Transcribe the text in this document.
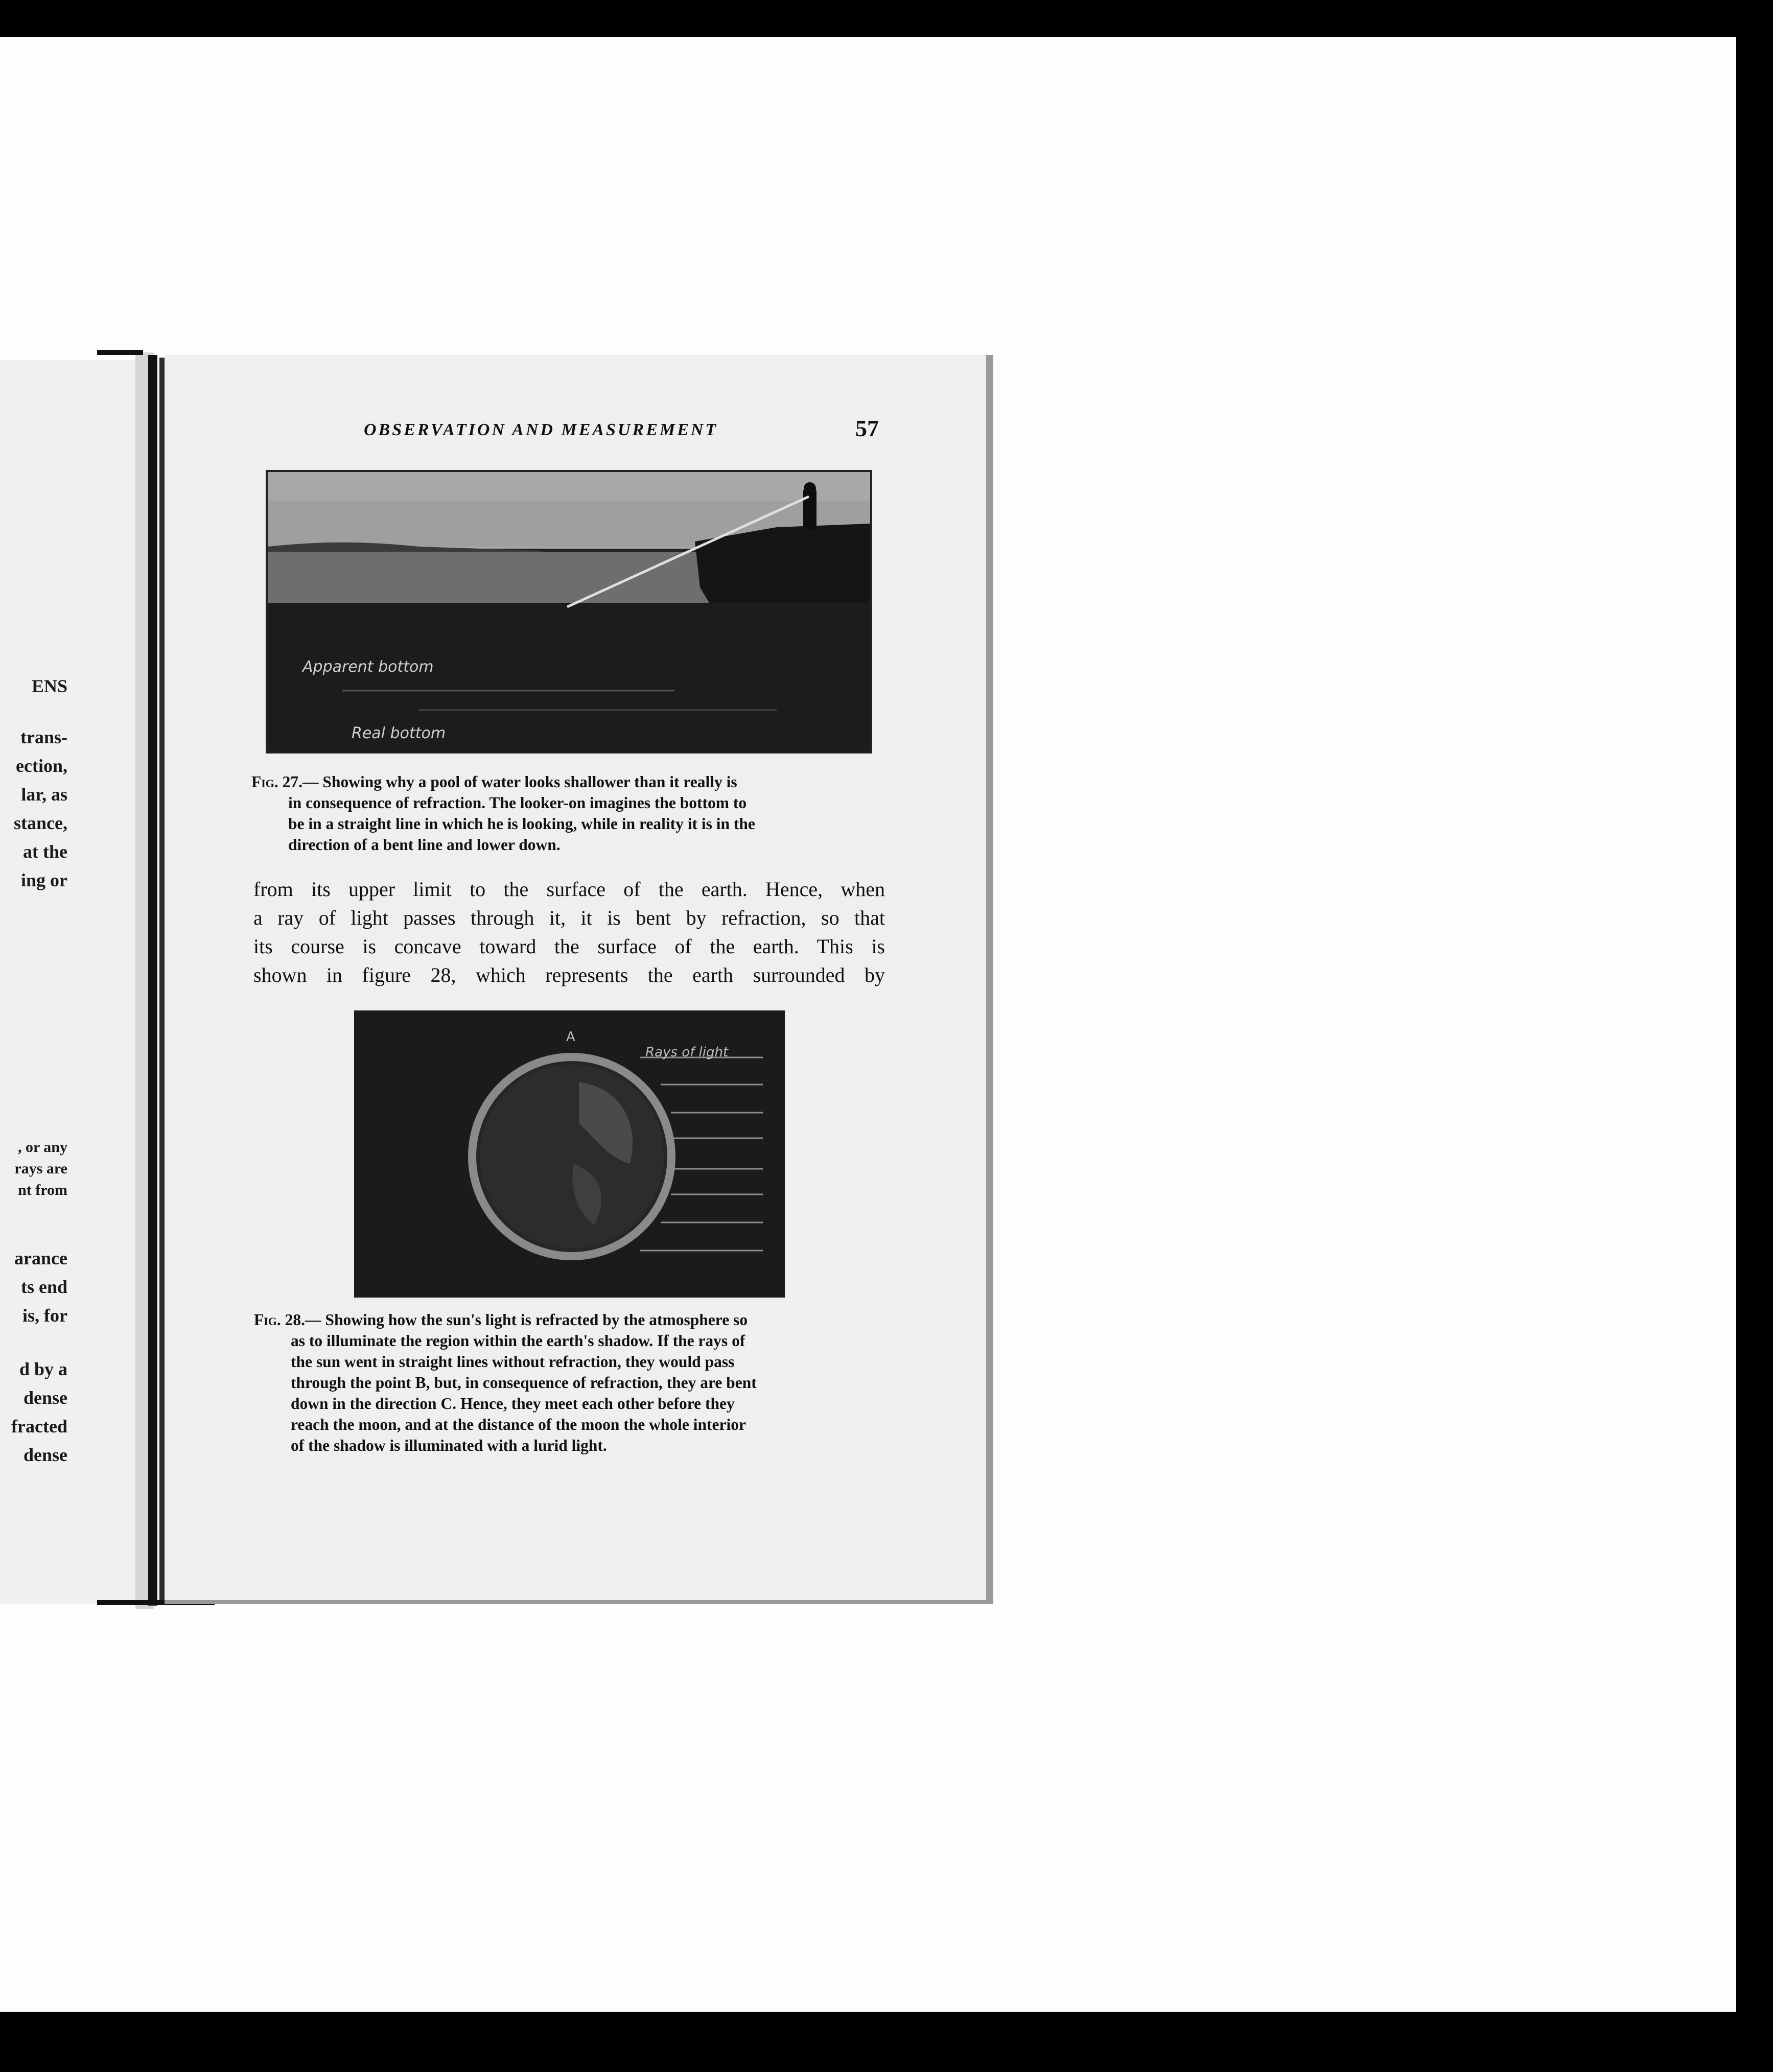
ENS
trans-
ection,
lar, as
stance,
at the
ing or
, or any
rays are
nt from
arance
ts end
is, for
d by a
dense
fracted
dense
OBSERVATION AND MEASUREMENT	57
Apparent bottom
Real bottom
Fig. 27.— Showing why a pool of water looks shallower than it really is
in consequence of refraction. The looker-on imagines the bottom to
be in a straight line in which he is looking, while in reality it is in the
direction of a bent line and lower down.
from its upper limit to the surface of the earth. Hence, when
a ray of light passes through it, it is bent by refraction, so that
its course is concave toward the surface of the earth. This is
shown in figure 28, which represents the earth surrounded by
A
Rays of light
Fig. 28.— Showing how the sun's light is refracted by the atmosphere so
as to illuminate the region within the earth's shadow. If the rays of
the sun went in straight lines without refraction, they would pass
through the point B, but, in consequence of refraction, they are bent
down in the direction C. Hence, they meet each other before they
reach the moon, and at the distance of the moon the whole interior
of the shadow is illuminated with a lurid light.
